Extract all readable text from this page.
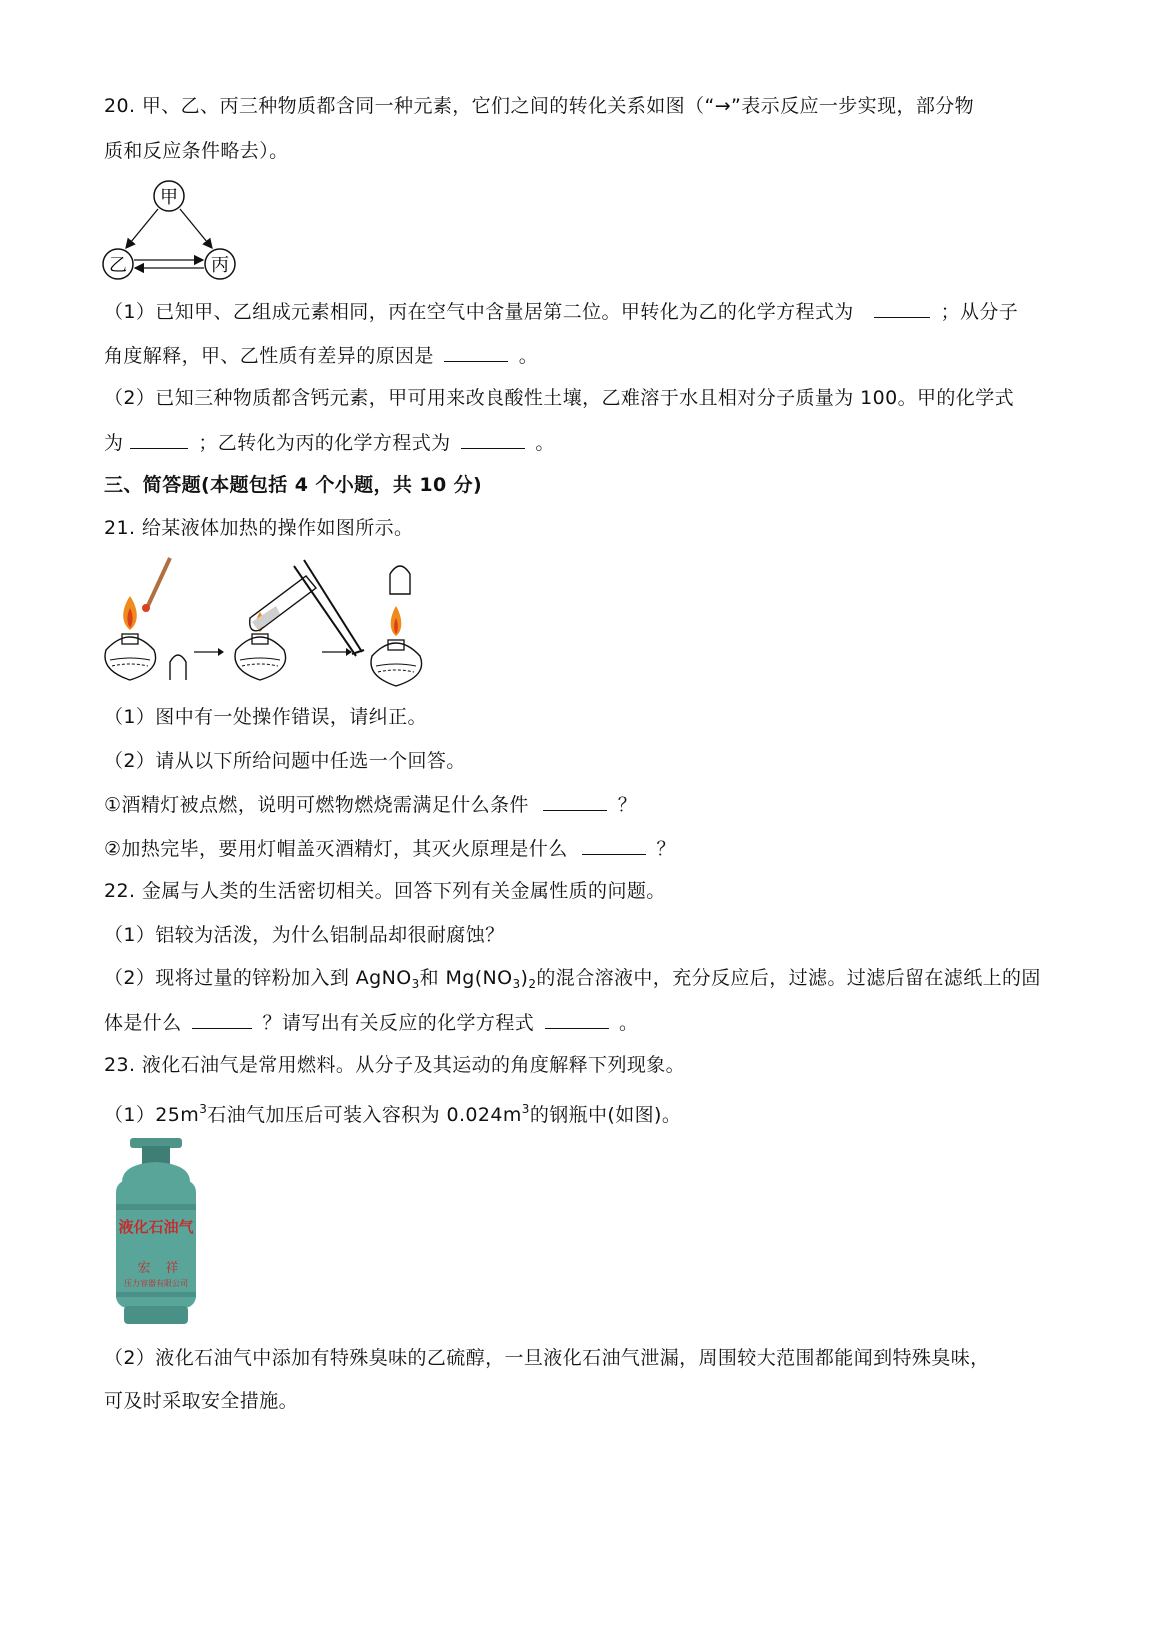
20. 甲、乙、丙三种物质都含同一种元素，它们之间的转化关系如图（“→”表示反应一步实现，部分物
质和反应条件略去）。
甲
乙	丙
（1）已知甲、乙组成元素相同，丙在空气中含量居第二位。甲转化为乙的化学方程式为	；从分子
角度解释，甲、乙性质有差异的原因是	。
（2）已知三种物质都含钙元素，甲可用来改良酸性土壤，乙难溶于水且相对分子质量为 100。甲的化学式
为	；乙转化为丙的化学方程式为	。
三、简答题(本题包括 4 个小题，共 10 分)
21. 给某液体加热的操作如图所示。
（1）图中有一处操作错误，请纠正。
（2）请从以下所给问题中任选一个回答。
①酒精灯被点燃，说明可燃物燃烧需满足什么条件	？
②加热完毕，要用灯帽盖灭酒精灯，其灭火原理是什么	？
22. 金属与人类的生活密切相关。回答下列有关金属性质的问题。
（1）铝较为活泼，为什么铝制品却很耐腐蚀？
（2）现将过量的锌粉加入到 AgNO$_3$和 $Mg(NO_3)_2$的混合溶液中，充分反应后，过滤。过滤后留在滤纸上的固
体是什么	？请写出有关反应的化学方程式	。
23. 液化石油气是常用燃料。从分子及其运动的角度解释下列现象。
$(1)25m^3$石油气加压后可装入容积为 $0.024m^3$的钢瓶中(如图)。
液化石油气
宏 祥
压力容器有限公司
（2）液化石油气中添加有特殊臭味的乙硫醇，一旦液化石油气泄漏，周围较大范围都能闻到特殊臭味，
可及时采取安全措施。
